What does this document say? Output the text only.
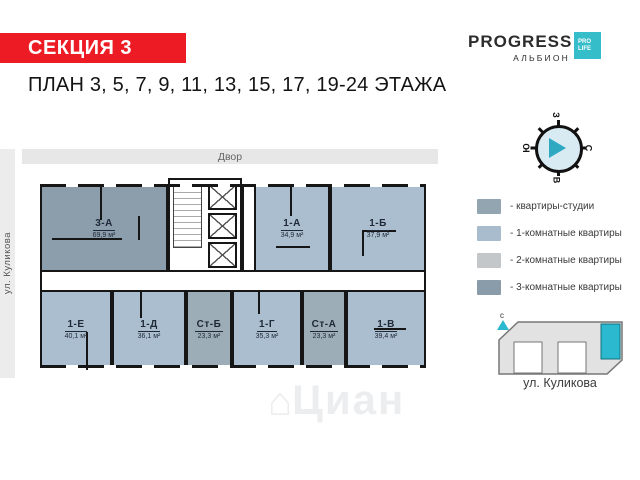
СЕКЦИЯ 3
ПЛАН 3, 5, 7, 9, 11, 13, 15, 17, 19-24 ЭТАЖА
PROGRESS
АЛЬБИОН
PRO
LIFE
З
С
В
Ю
Двор
ул. Куликова
3-А
69,9 м²
1-А
34,9 м²
1-Б
37,9 м²
1-Е
40,1 м²
1-Д
36,1 м²
Ст-Б
23,3 м²
1-Г
35,3 м²
Ст-А
23,3 м²
1-В
39,4 м²
- квартиры-студии
- 1-комнатные квартиры
- 2-комнатные квартиры
- 3-комнатные квартиры
с
ул. Куликова
⌂ Циан
